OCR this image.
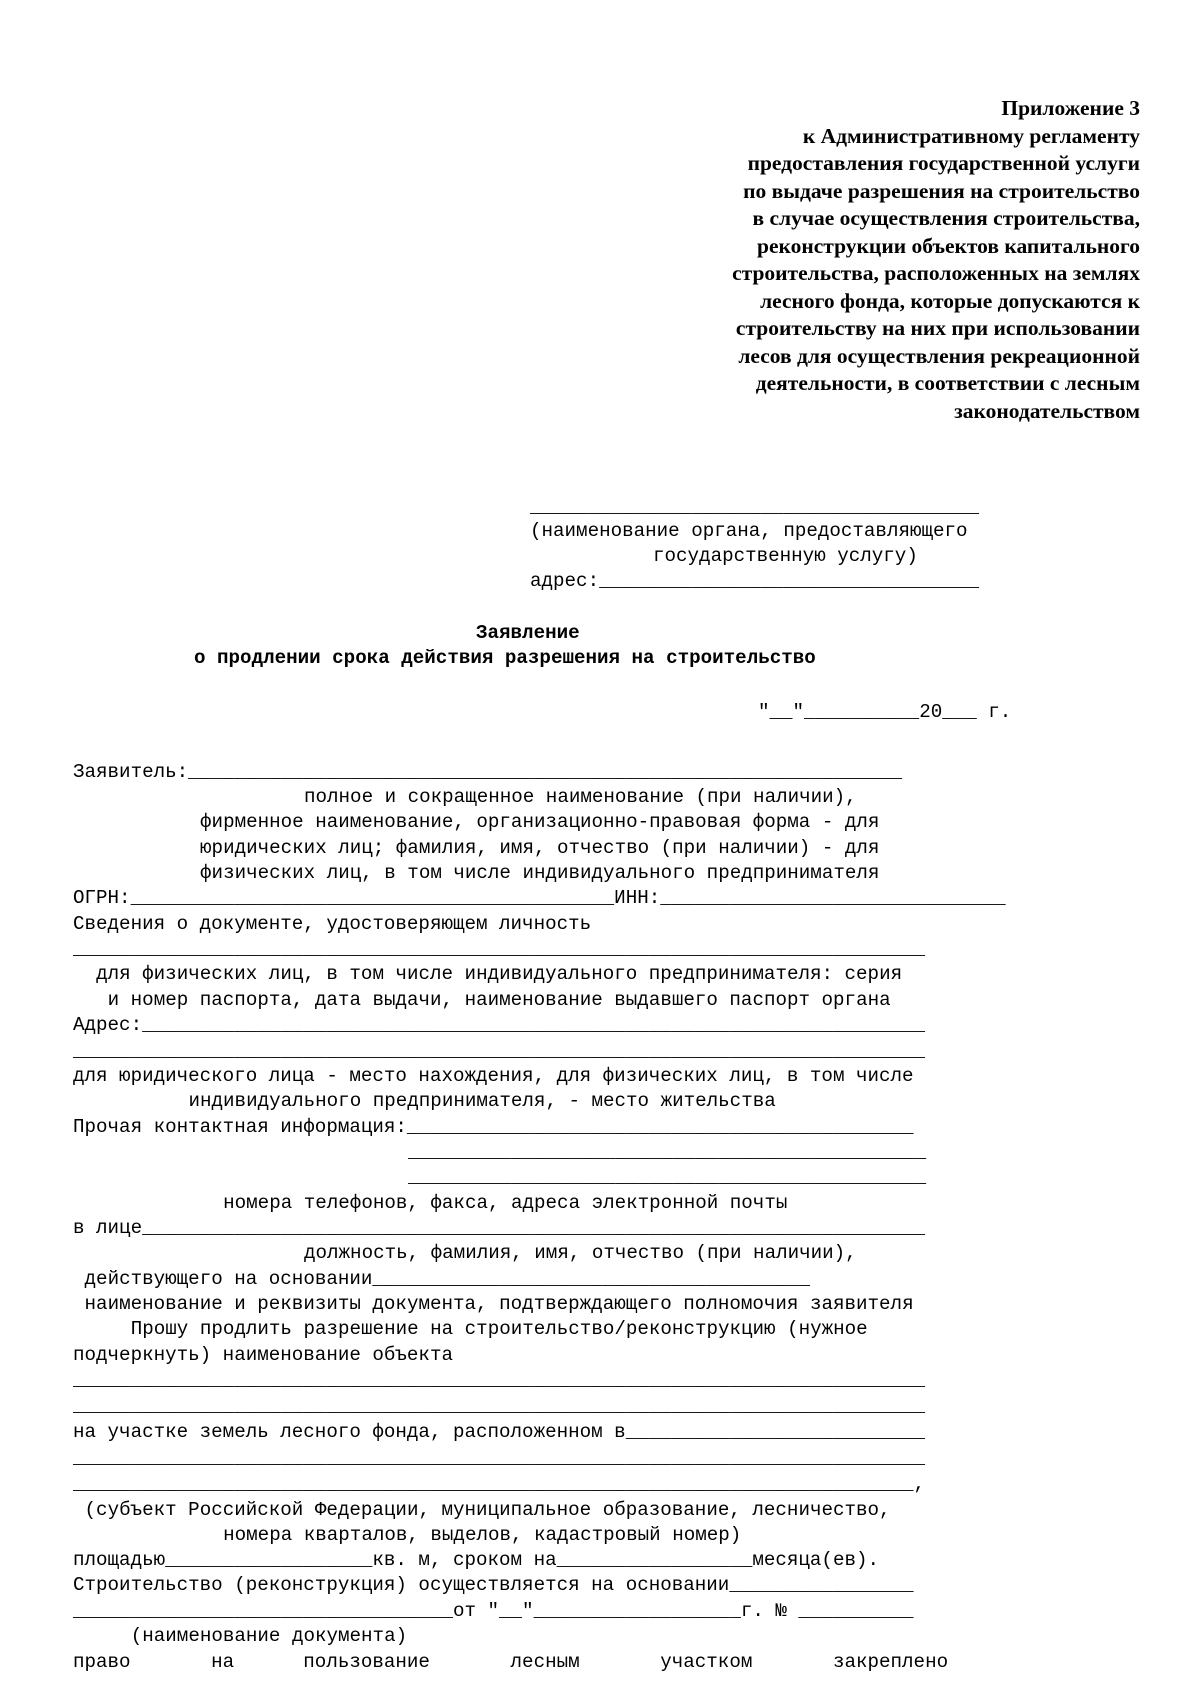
Приложение 3
к Административному регламенту
предоставления государственной услуги
по выдаче разрешения на строительство
в случае осуществления строительства,
реконструкции объектов капитального
строительства, расположенных на землях
лесного фонда, которые допускаются к
строительству на них при использовании
лесов для осуществления рекреационной
деятельности, в соответствии с лесным
законодательством
_______________________________________
(наименование органа, предоставляющего
государственную услугу)
адрес:_________________________________
Заявление
о продлении срока действия разрешения на строительство
"__"__________20___ г.
Заявитель:______________________________________________________________
полное и сокращенное наименование (при наличии),
фирменное наименование, организационно-правовая форма - для
юридических лиц; фамилия, имя, отчество (при наличии) - для
физических лиц, в том числе индивидуального предпринимателя
ОГРН:__________________________________________ИНН:______________________________
Сведения о документе, удостоверяющем личность
__________________________________________________________________________
для физических лиц, в том числе индивидуального предпринимателя: серия
и номер паспорта, дата выдачи, наименование выдавшего паспорт органа
Адрес:____________________________________________________________________
__________________________________________________________________________
для юридического лица - место нахождения, для физических лиц, в том числе
индивидуального предпринимателя, - место жительства
Прочая контактная информация:____________________________________________
_____________________________________________
_____________________________________________
номера телефонов, факса, адреса электронной почты
в лице____________________________________________________________________
должность, фамилия, имя, отчество (при наличии),
действующего на основании______________________________________
наименование и реквизиты документа, подтверждающего полномочия заявителя
Прошу продлить разрешение на строительство/реконструкцию (нужное
подчеркнуть) наименование объекта
__________________________________________________________________________
__________________________________________________________________________
на участке земель лесного фонда, расположенном в__________________________
__________________________________________________________________________
_________________________________________________________________________,
(субъект Российской Федерации, муниципальное образование, лесничество,
номера кварталов, выделов, кадастровый номер)
площадью__________________кв. м, сроком на_________________месяца(ев).
Строительство (реконструкция) осуществляется на основании________________
_________________________________от "__"__________________г. № __________
(наименование документа)
право       на      пользование       лесным       участком       закреплено
